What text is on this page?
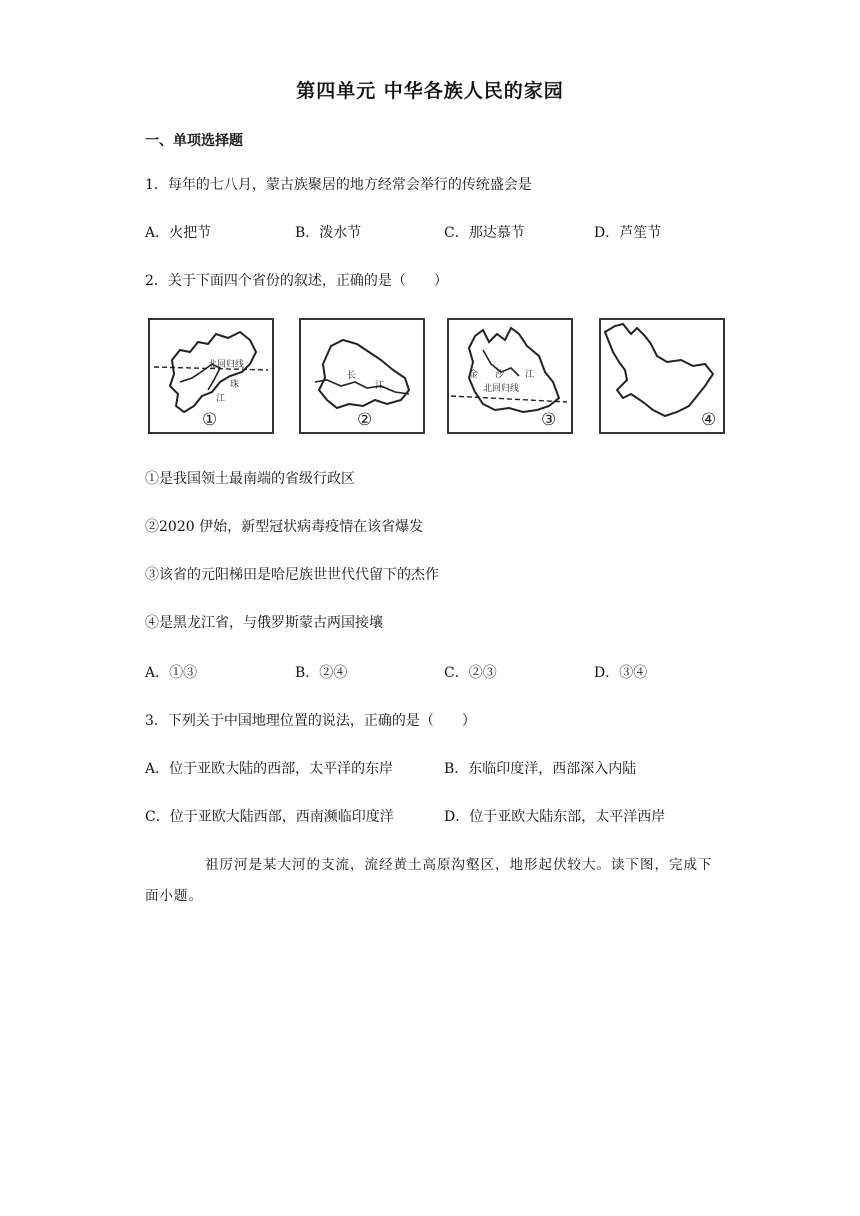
第四单元 中华各族人民的家园
一、单项选择题
1．每年的七八月，蒙古族聚居的地方经常会举行的传统盛会是
A．火把节	B．泼水节	C．那达慕节	D．芦笙节
2．关于下面四个省份的叙述，正确的是（　　）
北回归线
珠
江
①
长
江
②
金 沙 江
北回归线
③	④
①是我国领土最南端的省级行政区
②2020 伊始，新型冠状病毒疫情在该省爆发
③该省的元阳梯田是哈尼族世世代代留下的杰作
④是黑龙江省，与俄罗斯蒙古两国接壤
A．①③	B．②④	C．②③	D．③④
3．下列关于中国地理位置的说法，正确的是（　　）
A．位于亚欧大陆的西部，太平洋的东岸	B．东临印度洋，西部深入内陆
C．位于亚欧大陆西部，西南濒临印度洋	D．位于亚欧大陆东部，太平洋西岸
祖厉河是某大河的支流，流经黄土高原沟壑区，地形起伏较大。读下图，完成下面小题。
